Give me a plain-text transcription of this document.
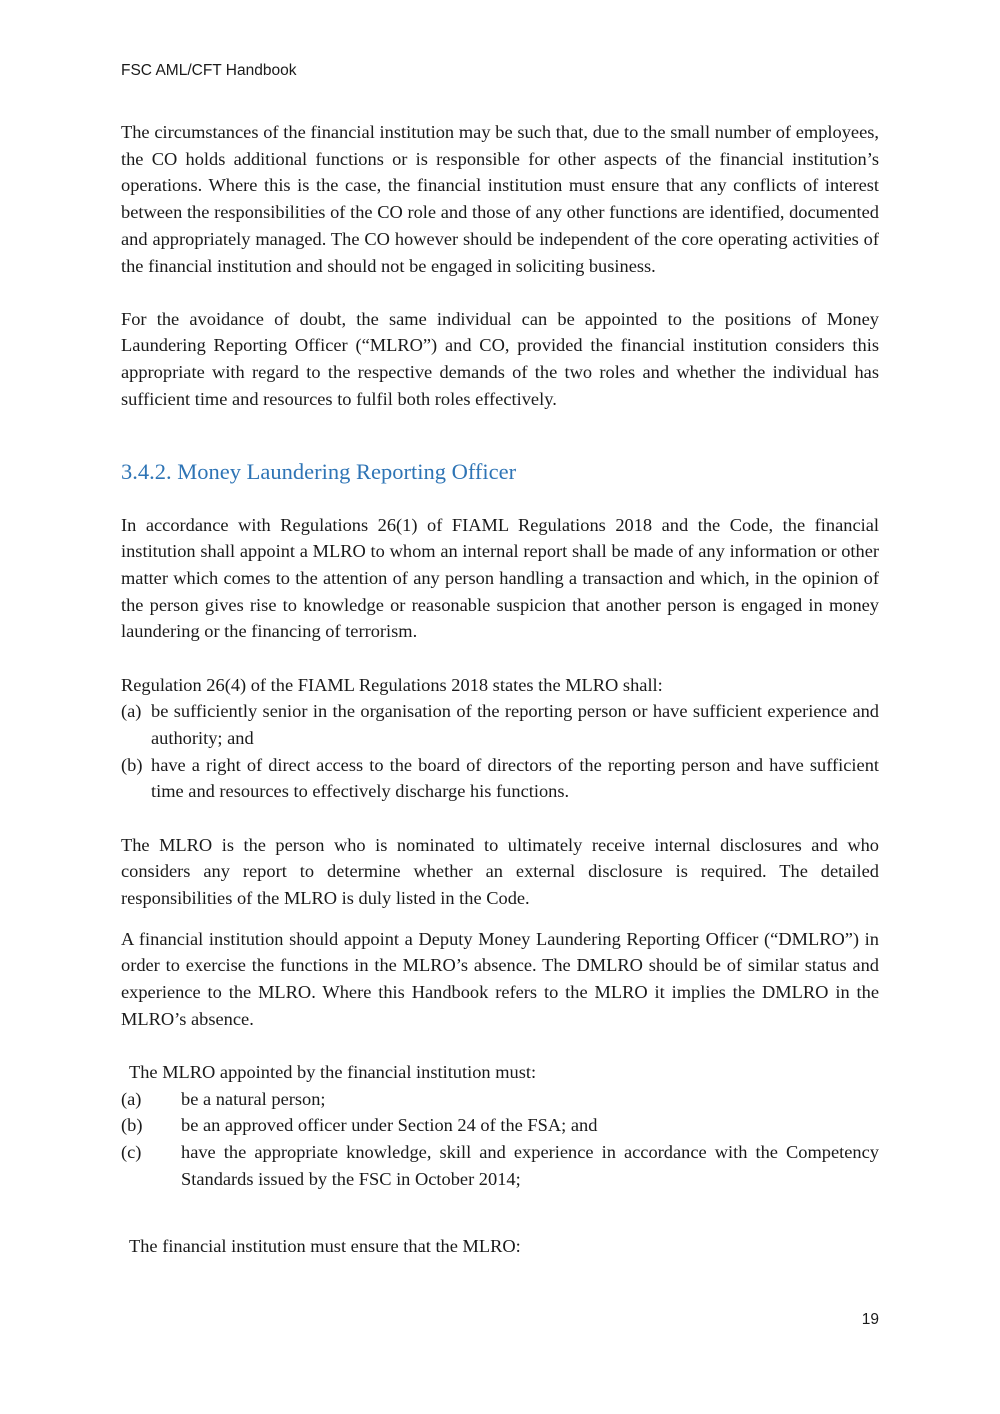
FSC AML/CFT Handbook

The circumstances of the financial institution may be such that, due to the small number of employees, the CO holds additional functions or is responsible for other aspects of the financial institution’s operations. Where this is the case, the financial institution must ensure that any conflicts of interest between the responsibilities of the CO role and those of any other functions are identified, documented and appropriately managed. The CO however should be independent of the core operating activities of the financial institution and should not be engaged in soliciting business.

For the avoidance of doubt, the same individual can be appointed to the positions of Money Laundering Reporting Officer (“MLRO”) and CO, provided the financial institution considers this appropriate with regard to the respective demands of the two roles and whether the individual has sufficient time and resources to fulfil both roles effectively.

3.4.2. Money Laundering Reporting Officer

In accordance with Regulations 26(1) of FIAML Regulations 2018 and the Code, the financial institution shall appoint a MLRO to whom an internal report shall be made of any information or other matter which comes to the attention of any person handling a transaction and which, in the opinion of the person gives rise to knowledge or reasonable suspicion that another person is engaged in money laundering or the financing of terrorism.

Regulation 26(4) of the FIAML Regulations 2018 states the MLRO shall:

(a) be sufficiently senior in the organisation of the reporting person or have sufficient experience and authority; and
(b) have a right of direct access to the board of directors of the reporting person and have sufficient time and resources to effectively discharge his functions.

The MLRO is the person who is nominated to ultimately receive internal disclosures and who considers any report to determine whether an external disclosure is required. The detailed responsibilities of the MLRO is duly listed in the Code.

A financial institution should appoint a Deputy Money Laundering Reporting Officer (“DMLRO”) in order to exercise the functions in the MLRO’s absence. The DMLRO should be of similar status and experience to the MLRO. Where this Handbook refers to the MLRO it implies the DMLRO in the MLRO’s absence.

The MLRO appointed by the financial institution must:

(a)	be a natural person;
(b)	be an approved officer under Section 24 of the FSA; and
(c)	have the appropriate knowledge, skill and experience in accordance with the Competency Standards issued by the FSC in October 2014;

The financial institution must ensure that the MLRO:

19
